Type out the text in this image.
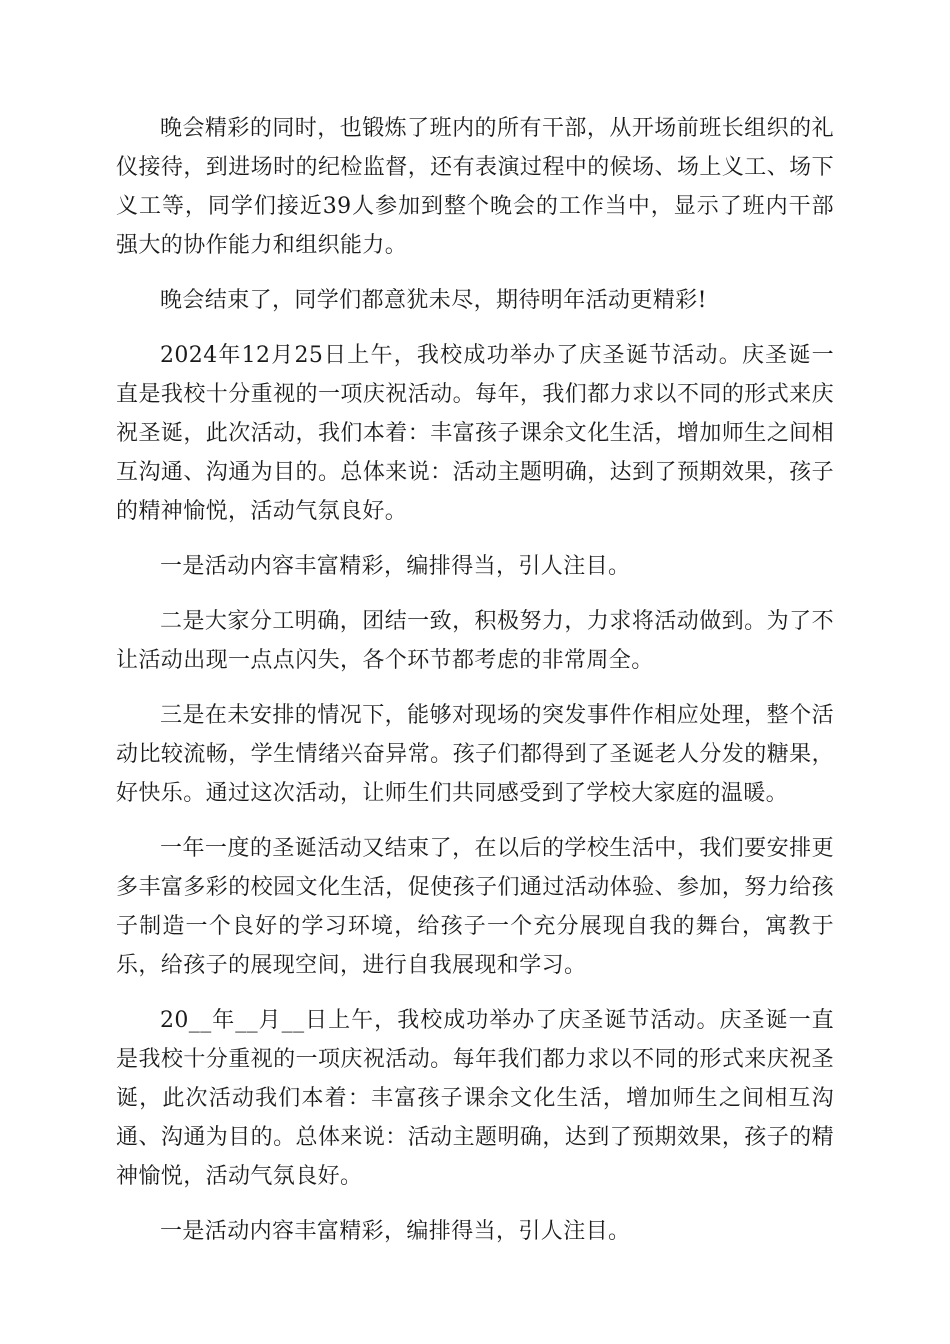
晚会精彩的同时，也锻炼了班内的所有干部，从开场前班长组织的礼仪接待，到进场时的纪检监督，还有表演过程中的候场、场上义工、场下义工等，同学们接近39人参加到整个晚会的工作当中，显示了班内干部强大的协作能力和组织能力。

晚会结束了，同学们都意犹未尽，期待明年活动更精彩!

2024年12月25日上午，我校成功举办了庆圣诞节活动。庆圣诞一直是我校十分重视的一项庆祝活动。每年，我们都力求以不同的形式来庆祝圣诞，此次活动，我们本着：丰富孩子课余文化生活，增加师生之间相互沟通、沟通为目的。总体来说：活动主题明确，达到了预期效果，孩子的精神愉悦，活动气氛良好。

一是活动内容丰富精彩，编排得当，引人注目。

二是大家分工明确，团结一致，积极努力，力求将活动做到。为了不让活动出现一点点闪失，各个环节都考虑的非常周全。

三是在未安排的情况下，能够对现场的突发事件作相应处理，整个活动比较流畅，学生情绪兴奋异常。孩子们都得到了圣诞老人分发的糖果，好快乐。通过这次活动，让师生们共同感受到了学校大家庭的温暖。

一年一度的圣诞活动又结束了，在以后的学校生活中，我们要安排更多丰富多彩的校园文化生活，促使孩子们通过活动体验、参加，努力给孩子制造一个良好的学习环境，给孩子一个充分展现自我的舞台，寓教于乐，给孩子的展现空间，进行自我展现和学习。

20__年__月__日上午，我校成功举办了庆圣诞节活动。庆圣诞一直是我校十分重视的一项庆祝活动。每年我们都力求以不同的形式来庆祝圣诞，此次活动我们本着：丰富孩子课余文化生活，增加师生之间相互沟通、沟通为目的。总体来说：活动主题明确，达到了预期效果，孩子的精神愉悦，活动气氛良好。

一是活动内容丰富精彩，编排得当，引人注目。
